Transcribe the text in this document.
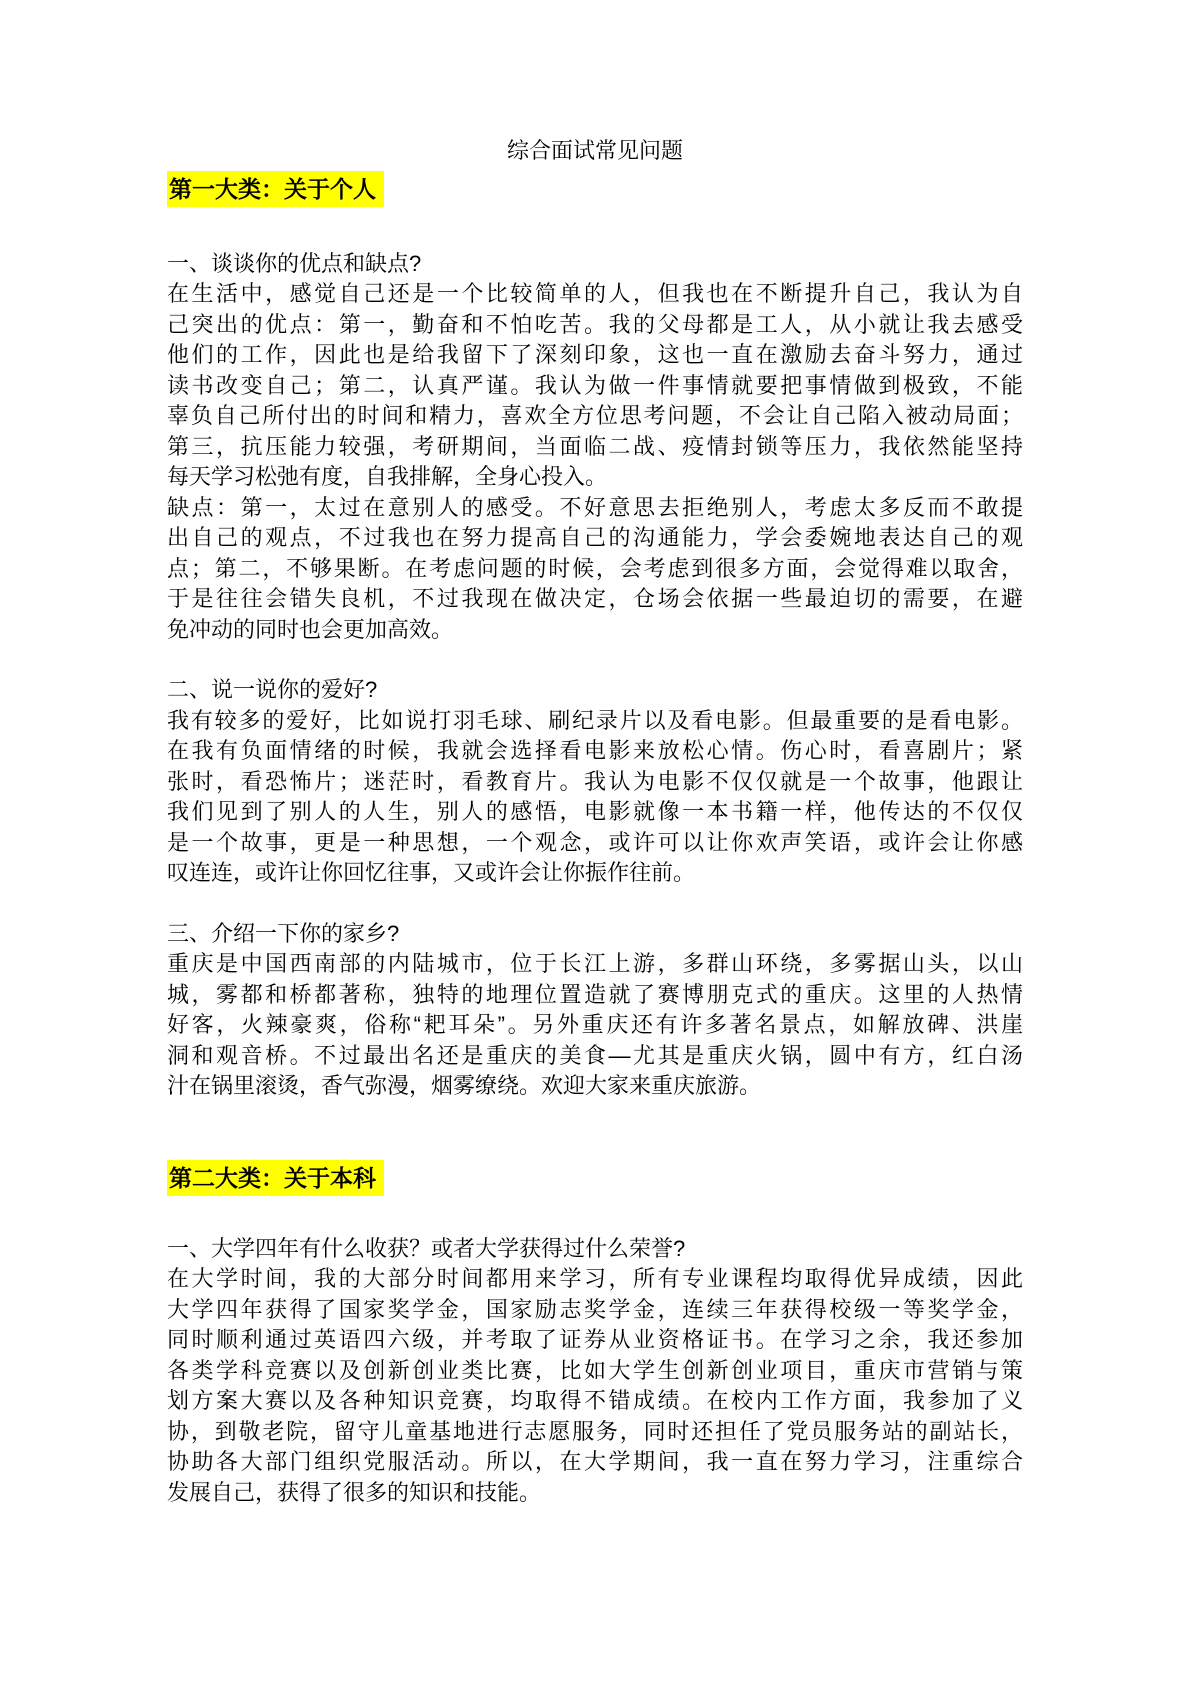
综合面试常见问题
第一大类：关于个人
一、谈谈你的优点和缺点?
在生活中，感觉自己还是一个比较简单的人，但我也在不断提升自己，我认为自
己突出的优点：第一，勤奋和不怕吃苦。我的父母都是工人，从小就让我去感受
他们的工作，因此也是给我留下了深刻印象，这也一直在激励去奋斗努力，通过
读书改变自己；第二，认真严谨。我认为做一件事情就要把事情做到极致，不能
辜负自己所付出的时间和精力，喜欢全方位思考问题，不会让自己陷入被动局面；
第三，抗压能力较强，考研期间，当面临二战、疫情封锁等压力，我依然能坚持
每天学习松弛有度，自我排解，全身心投入。
缺点：第一，太过在意别人的感受。不好意思去拒绝别人，考虑太多反而不敢提
出自己的观点，不过我也在努力提高自己的沟通能力，学会委婉地表达自己的观
点；第二，不够果断。在考虑问题的时候，会考虑到很多方面，会觉得难以取舍，
于是往往会错失良机，不过我现在做决定，仓场会依据一些最迫切的需要，在避
免冲动的同时也会更加高效。
二、说一说你的爱好?
我有较多的爱好，比如说打羽毛球、刷纪录片以及看电影。但最重要的是看电影。
在我有负面情绪的时候，我就会选择看电影来放松心情。伤心时，看喜剧片；紧
张时，看恐怖片；迷茫时，看教育片。我认为电影不仅仅就是一个故事，他跟让
我们见到了别人的人生，别人的感悟，电影就像一本书籍一样，他传达的不仅仅
是一个故事，更是一种思想，一个观念，或许可以让你欢声笑语，或许会让你感
叹连连，或许让你回忆往事，又或许会让你振作往前。
三、介绍一下你的家乡?
重庆是中国西南部的内陆城市，位于长江上游，多群山环绕，多雾据山头，以山
城，雾都和桥都著称，独特的地理位置造就了赛博朋克式的重庆。这里的人热情
好客，火辣豪爽，俗称“耙耳朵”。另外重庆还有许多著名景点，如解放碑、洪崖
洞和观音桥。不过最出名还是重庆的美食—尤其是重庆火锅，圆中有方，红白汤
汁在锅里滚烫，香气弥漫，烟雾缭绕。欢迎大家来重庆旅游。
第二大类：关于本科
一、大学四年有什么收获？或者大学获得过什么荣誉?
在大学时间，我的大部分时间都用来学习，所有专业课程均取得优异成绩，因此
大学四年获得了国家奖学金，国家励志奖学金，连续三年获得校级一等奖学金，
同时顺利通过英语四六级，并考取了证券从业资格证书。在学习之余，我还参加
各类学科竞赛以及创新创业类比赛，比如大学生创新创业项目，重庆市营销与策
划方案大赛以及各种知识竞赛，均取得不错成绩。在校内工作方面，我参加了义
协，到敬老院，留守儿童基地进行志愿服务，同时还担任了党员服务站的副站长，
协助各大部门组织党服活动。所以，在大学期间，我一直在努力学习，注重综合
发展自己，获得了很多的知识和技能。
